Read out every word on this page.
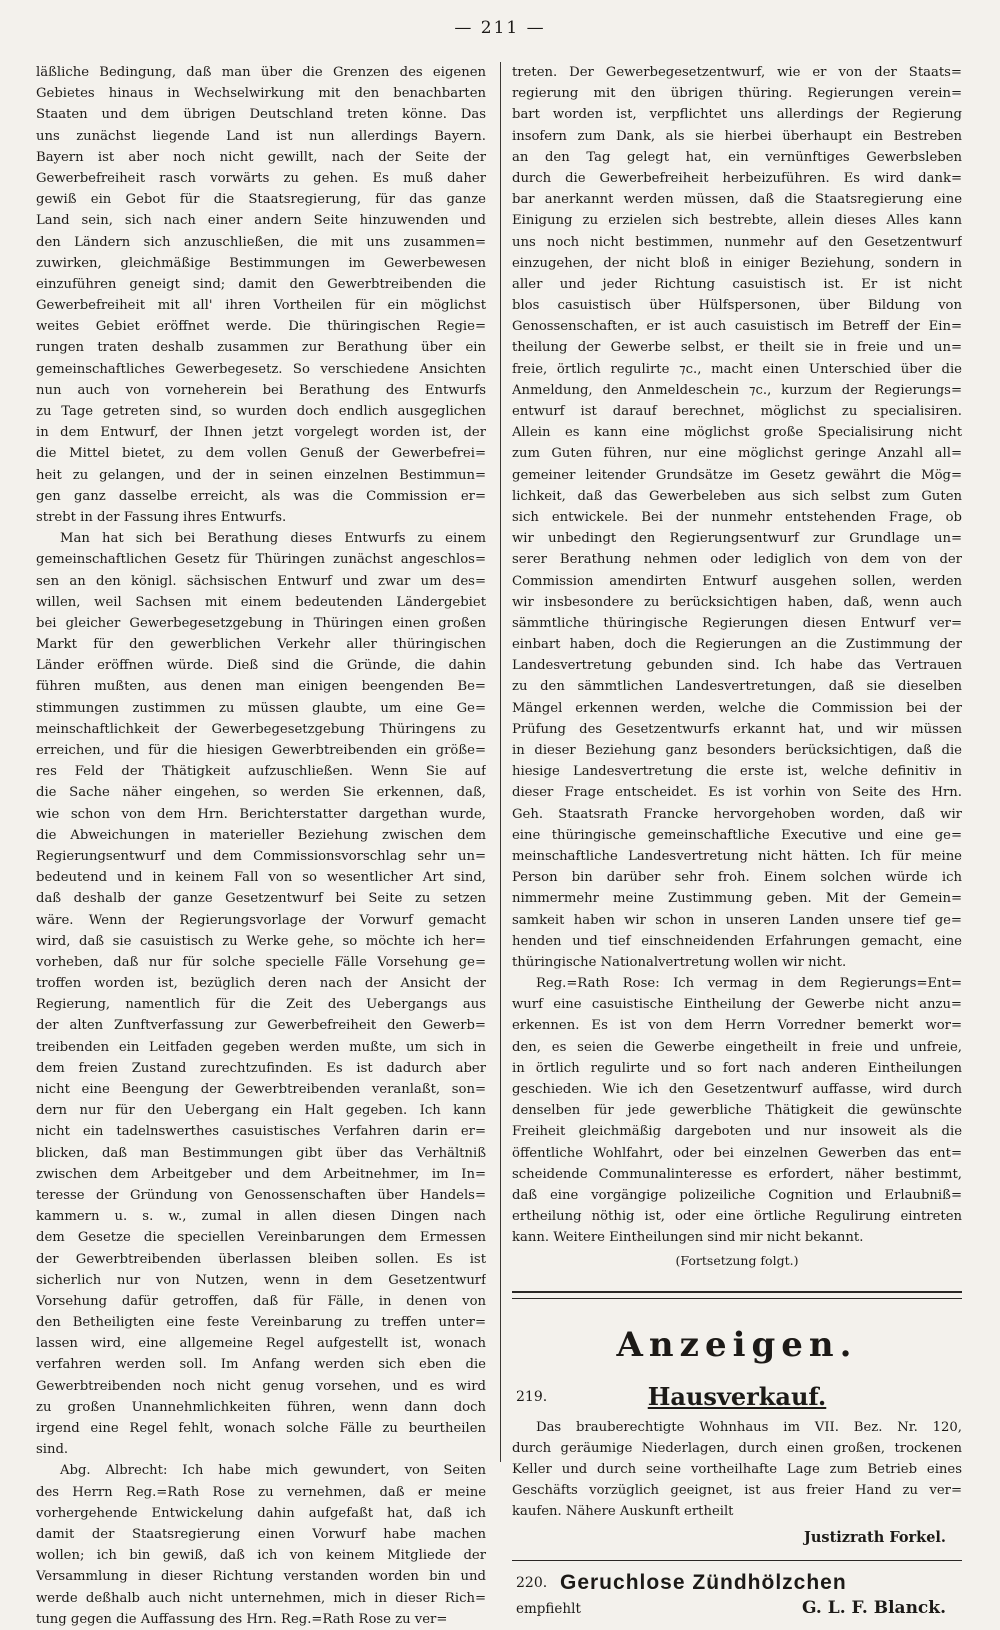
— 211 —
läßliche Bedingung, daß man über die Grenzen des eigenen
Gebietes hinaus in Wechselwirkung mit den benachbarten
Staaten und dem übrigen Deutschland treten könne. Das
uns zunächst liegende Land ist nun allerdings Bayern.
Bayern ist aber noch nicht gewillt, nach der Seite der
Gewerbefreiheit rasch vorwärts zu gehen. Es muß daher
gewiß ein Gebot für die Staatsregierung, für das ganze
Land sein, sich nach einer andern Seite hinzuwenden und
den Ländern sich anzuschließen, die mit uns zusammen=
zuwirken, gleichmäßige Bestimmungen im Gewerbewesen
einzuführen geneigt sind; damit den Gewerbtreibenden die
Gewerbefreiheit mit all' ihren Vortheilen für ein möglichst
weites Gebiet eröffnet werde. Die thüringischen Regie=
rungen traten deshalb zusammen zur Berathung über ein
gemeinschaftliches Gewerbegesetz. So verschiedene Ansichten
nun auch von vorneherein bei Berathung des Entwurfs
zu Tage getreten sind, so wurden doch endlich ausgeglichen
in dem Entwurf, der Ihnen jetzt vorgelegt worden ist, der
die Mittel bietet, zu dem vollen Genuß der Gewerbefrei=
heit zu gelangen, und der in seinen einzelnen Bestimmun=
gen ganz dasselbe erreicht, als was die Commission er=
strebt in der Fassung ihres Entwurfs.
Man hat sich bei Berathung dieses Entwurfs zu einem
gemeinschaftlichen Gesetz für Thüringen zunächst angeschlos=
sen an den königl. sächsischen Entwurf und zwar um des=
willen, weil Sachsen mit einem bedeutenden Ländergebiet
bei gleicher Gewerbegesetzgebung in Thüringen einen großen
Markt für den gewerblichen Verkehr aller thüringischen
Länder eröffnen würde. Dieß sind die Gründe, die dahin
führen mußten, aus denen man einigen beengenden Be=
stimmungen zustimmen zu müssen glaubte, um eine Ge=
meinschaftlichkeit der Gewerbegesetzgebung Thüringens zu
erreichen, und für die hiesigen Gewerbtreibenden ein größe=
res Feld der Thätigkeit aufzuschließen. Wenn Sie auf
die Sache näher eingehen, so werden Sie erkennen, daß,
wie schon von dem Hrn. Berichterstatter dargethan wurde,
die Abweichungen in materieller Beziehung zwischen dem
Regierungsentwurf und dem Commissionsvorschlag sehr un=
bedeutend und in keinem Fall von so wesentlicher Art sind,
daß deshalb der ganze Gesetzentwurf bei Seite zu setzen
wäre. Wenn der Regierungsvorlage der Vorwurf gemacht
wird, daß sie casuistisch zu Werke gehe, so möchte ich her=
vorheben, daß nur für solche specielle Fälle Vorsehung ge=
troffen worden ist, bezüglich deren nach der Ansicht der
Regierung, namentlich für die Zeit des Uebergangs aus
der alten Zunftverfassung zur Gewerbefreiheit den Gewerb=
treibenden ein Leitfaden gegeben werden mußte, um sich in
dem freien Zustand zurechtzufinden. Es ist dadurch aber
nicht eine Beengung der Gewerbtreibenden veranlaßt, son=
dern nur für den Uebergang ein Halt gegeben. Ich kann
nicht ein tadelnswerthes casuistisches Verfahren darin er=
blicken, daß man Bestimmungen gibt über das Verhältniß
zwischen dem Arbeitgeber und dem Arbeitnehmer, im In=
teresse der Gründung von Genossenschaften über Handels=
kammern u. s. w., zumal in allen diesen Dingen nach
dem Gesetze die speciellen Vereinbarungen dem Ermessen
der Gewerbtreibenden überlassen bleiben sollen. Es ist
sicherlich nur von Nutzen, wenn in dem Gesetzentwurf
Vorsehung dafür getroffen, daß für Fälle, in denen von
den Betheiligten eine feste Vereinbarung zu treffen unter=
lassen wird, eine allgemeine Regel aufgestellt ist, wonach
verfahren werden soll. Im Anfang werden sich eben die
Gewerbtreibenden noch nicht genug vorsehen, und es wird
zu großen Unannehmlichkeiten führen, wenn dann doch
irgend eine Regel fehlt, wonach solche Fälle zu beurtheilen
sind.
Abg. Albrecht: Ich habe mich gewundert, von Seiten
des Herrn Reg.=Rath Rose zu vernehmen, daß er meine
vorhergehende Entwickelung dahin aufgefaßt hat, daß ich
damit der Staatsregierung einen Vorwurf habe machen
wollen; ich bin gewiß, daß ich von keinem Mitgliede der
Versammlung in dieser Richtung verstanden worden bin und
werde deßhalb auch nicht unternehmen, mich in dieser Rich=
tung gegen die Auffassung des Hrn. Reg.=Rath Rose zu ver=
treten. Der Gewerbegesetzentwurf, wie er von der Staats=
regierung mit den übrigen thüring. Regierungen verein=
bart worden ist, verpflichtet uns allerdings der Regierung
insofern zum Dank, als sie hierbei überhaupt ein Bestreben
an den Tag gelegt hat, ein vernünftiges Gewerbsleben
durch die Gewerbefreiheit herbeizuführen. Es wird dank=
bar anerkannt werden müssen, daß die Staatsregierung eine
Einigung zu erzielen sich bestrebte, allein dieses Alles kann
uns noch nicht bestimmen, nunmehr auf den Gesetzentwurf
einzugehen, der nicht bloß in einiger Beziehung, sondern in
aller und jeder Richtung casuistisch ist. Er ist nicht
blos casuistisch über Hülfspersonen, über Bildung von
Genossenschaften, er ist auch casuistisch im Betreff der Ein=
theilung der Gewerbe selbst, er theilt sie in freie und un=
freie, örtlich regulirte ⁊c., macht einen Unterschied über die
Anmeldung, den Anmeldeschein ⁊c., kurzum der Regierungs=
entwurf ist darauf berechnet, möglichst zu specialisiren.
Allein es kann eine möglichst große Specialisirung nicht
zum Guten führen, nur eine möglichst geringe Anzahl all=
gemeiner leitender Grundsätze im Gesetz gewährt die Mög=
lichkeit, daß das Gewerbeleben aus sich selbst zum Guten
sich entwickele. Bei der nunmehr entstehenden Frage, ob
wir unbedingt den Regierungsentwurf zur Grundlage un=
serer Berathung nehmen oder lediglich von dem von der
Commission amendirten Entwurf ausgehen sollen, werden
wir insbesondere zu berücksichtigen haben, daß, wenn auch
sämmtliche thüringische Regierungen diesen Entwurf ver=
einbart haben, doch die Regierungen an die Zustimmung der
Landesvertretung gebunden sind. Ich habe das Vertrauen
zu den sämmtlichen Landesvertretungen, daß sie dieselben
Mängel erkennen werden, welche die Commission bei der
Prüfung des Gesetzentwurfs erkannt hat, und wir müssen
in dieser Beziehung ganz besonders berücksichtigen, daß die
hiesige Landesvertretung die erste ist, welche definitiv in
dieser Frage entscheidet. Es ist vorhin von Seite des Hrn.
Geh. Staatsrath Francke hervorgehoben worden, daß wir
eine thüringische gemeinschaftliche Executive und eine ge=
meinschaftliche Landesvertretung nicht hätten. Ich für meine
Person bin darüber sehr froh. Einem solchen würde ich
nimmermehr meine Zustimmung geben. Mit der Gemein=
samkeit haben wir schon in unseren Landen unsere tief ge=
henden und tief einschneidenden Erfahrungen gemacht, eine
thüringische Nationalvertretung wollen wir nicht.
Reg.=Rath Rose: Ich vermag in dem Regierungs=Ent=
wurf eine casuistische Eintheilung der Gewerbe nicht anzu=
erkennen. Es ist von dem Herrn Vorredner bemerkt wor=
den, es seien die Gewerbe eingetheilt in freie und unfreie,
in örtlich regulirte und so fort nach anderen Eintheilungen
geschieden. Wie ich den Gesetzentwurf auffasse, wird durch
denselben für jede gewerbliche Thätigkeit die gewünschte
Freiheit gleichmäßig dargeboten und nur insoweit als die
öffentliche Wohlfahrt, oder bei einzelnen Gewerben das ent=
scheidende Communalinteresse es erfordert, näher bestimmt,
daß eine vorgängige polizeiliche Cognition und Erlaubniß=
ertheilung nöthig ist, oder eine örtliche Regulirung eintreten
kann. Weitere Eintheilungen sind mir nicht bekannt.
(Fortsetzung folgt.)
Anzeigen.
219.	Hausverkauf.
Das brauberechtigte Wohnhaus im VII. Bez. Nr. 120,
durch geräumige Niederlagen, durch einen großen, trockenen
Keller und durch seine vortheilhafte Lage zum Betrieb eines
Geschäfts vorzüglich geeignet, ist aus freier Hand zu ver=
kaufen. Nähere Auskunft ertheilt
Justizrath Forkel.
220. Geruchlose Zündhölzchen
empfiehlt	G. L. F. Blanck.
